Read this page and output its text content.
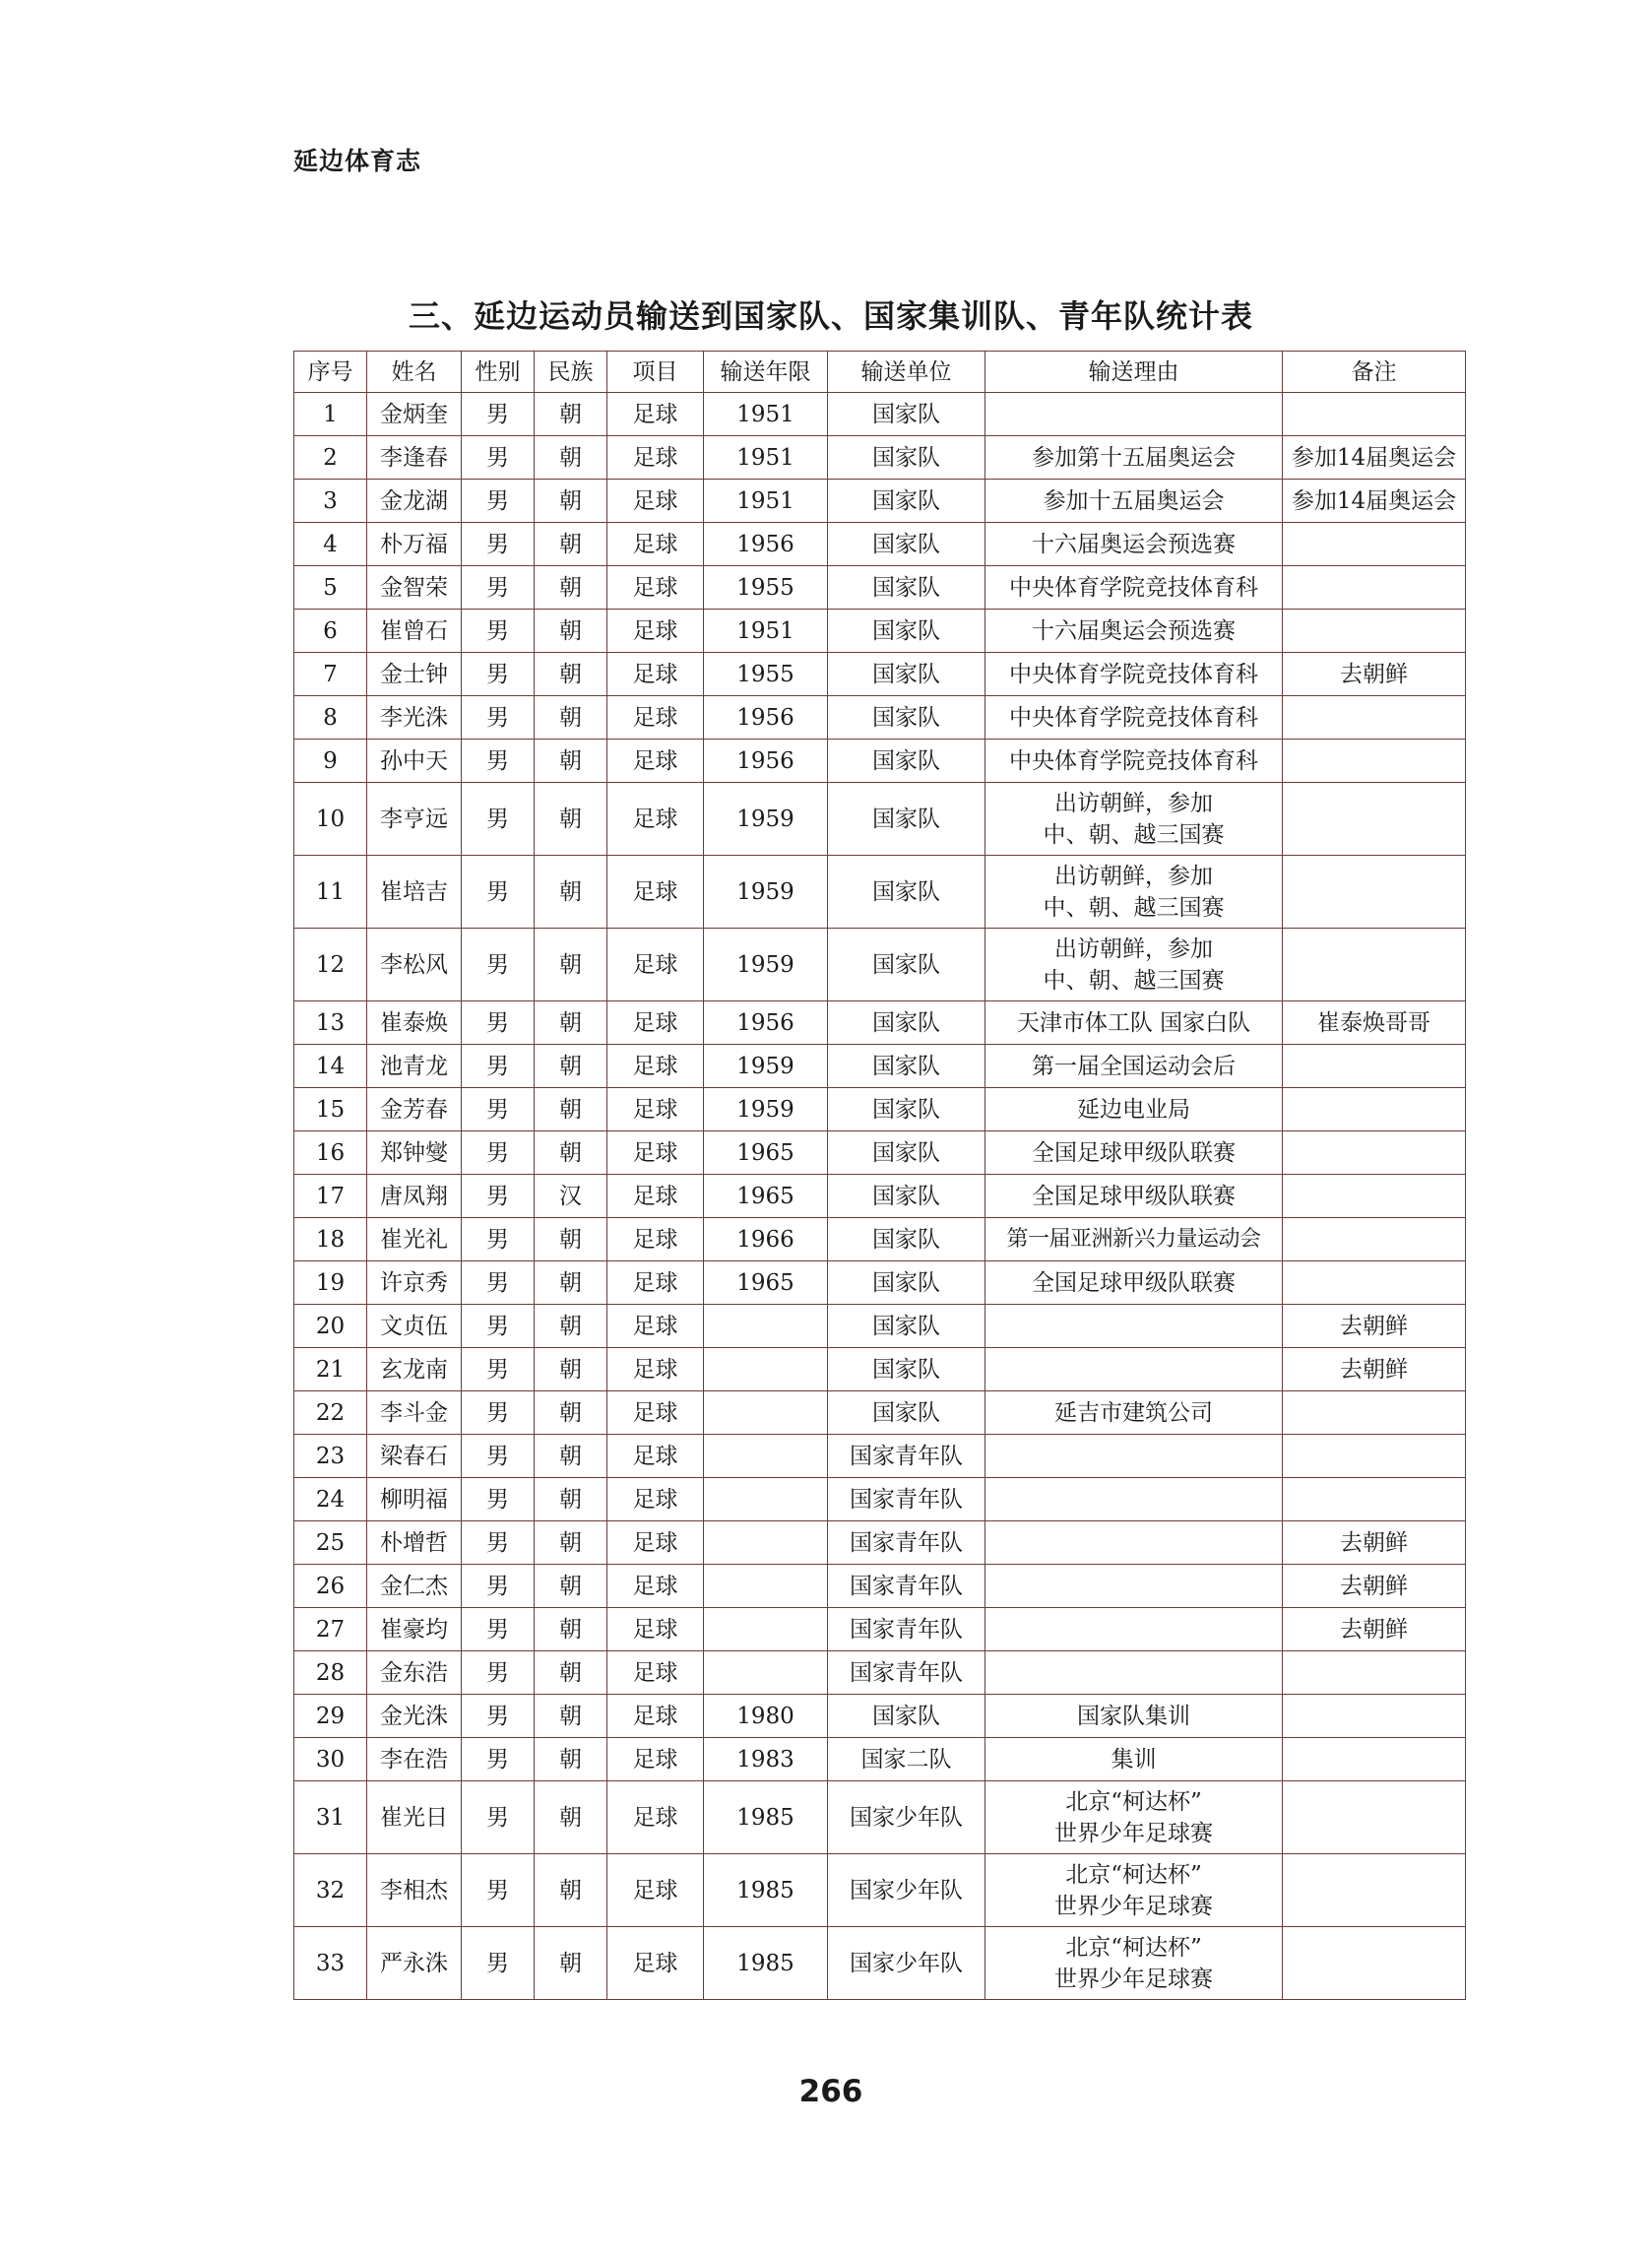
延边体育志
三、延边运动员输送到国家队、国家集训队、青年队统计表
序号	姓名	性别	民族	项目	输送年限	输送单位	输送理由	备注
1	金炳奎	男	朝	足球	1951	国家队		
2	李逢春	男	朝	足球	1951	国家队	参加第十五届奥运会	参加14届奥运会
3	金龙湖	男	朝	足球	1951	国家队	参加十五届奥运会	参加14届奥运会
4	朴万福	男	朝	足球	1956	国家队	十六届奥运会预选赛	
5	金智荣	男	朝	足球	1955	国家队	中央体育学院竞技体育科	
6	崔曾石	男	朝	足球	1951	国家队	十六届奥运会预选赛	
7	金士钟	男	朝	足球	1955	国家队	中央体育学院竞技体育科	去朝鲜
8	李光洙	男	朝	足球	1956	国家队	中央体育学院竞技体育科	
9	孙中天	男	朝	足球	1956	国家队	中央体育学院竞技体育科	
10	李亨远	男	朝	足球	1959	国家队	出访朝鲜，参加
中、朝、越三国赛	
11	崔培吉	男	朝	足球	1959	国家队	出访朝鲜，参加
中、朝、越三国赛	
12	李松风	男	朝	足球	1959	国家队	出访朝鲜，参加
中、朝、越三国赛	
13	崔泰焕	男	朝	足球	1956	国家队	天津市体工队 国家白队	崔泰焕哥哥
14	池青龙	男	朝	足球	1959	国家队	第一届全国运动会后	
15	金芳春	男	朝	足球	1959	国家队	延边电业局	
16	郑钟燮	男	朝	足球	1965	国家队	全国足球甲级队联赛	
17	唐凤翔	男	汉	足球	1965	国家队	全国足球甲级队联赛	
18	崔光礼	男	朝	足球	1966	国家队	第一届亚洲新兴力量运动会	
19	许京秀	男	朝	足球	1965	国家队	全国足球甲级队联赛	
20	文贞伍	男	朝	足球		国家队		去朝鲜
21	玄龙南	男	朝	足球		国家队		去朝鲜
22	李斗金	男	朝	足球		国家队	延吉市建筑公司	
23	梁春石	男	朝	足球		国家青年队		
24	柳明福	男	朝	足球		国家青年队		
25	朴增哲	男	朝	足球		国家青年队		去朝鲜
26	金仁杰	男	朝	足球		国家青年队		去朝鲜
27	崔豪均	男	朝	足球		国家青年队		去朝鲜
28	金东浩	男	朝	足球		国家青年队		
29	金光洙	男	朝	足球	1980	国家队	国家队集训	
30	李在浩	男	朝	足球	1983	国家二队	集训	
31	崔光日	男	朝	足球	1985	国家少年队	北京“柯达杯”
世界少年足球赛	
32	李相杰	男	朝	足球	1985	国家少年队	北京“柯达杯”
世界少年足球赛	
33	严永洙	男	朝	足球	1985	国家少年队	北京“柯达杯”
世界少年足球赛	
266
